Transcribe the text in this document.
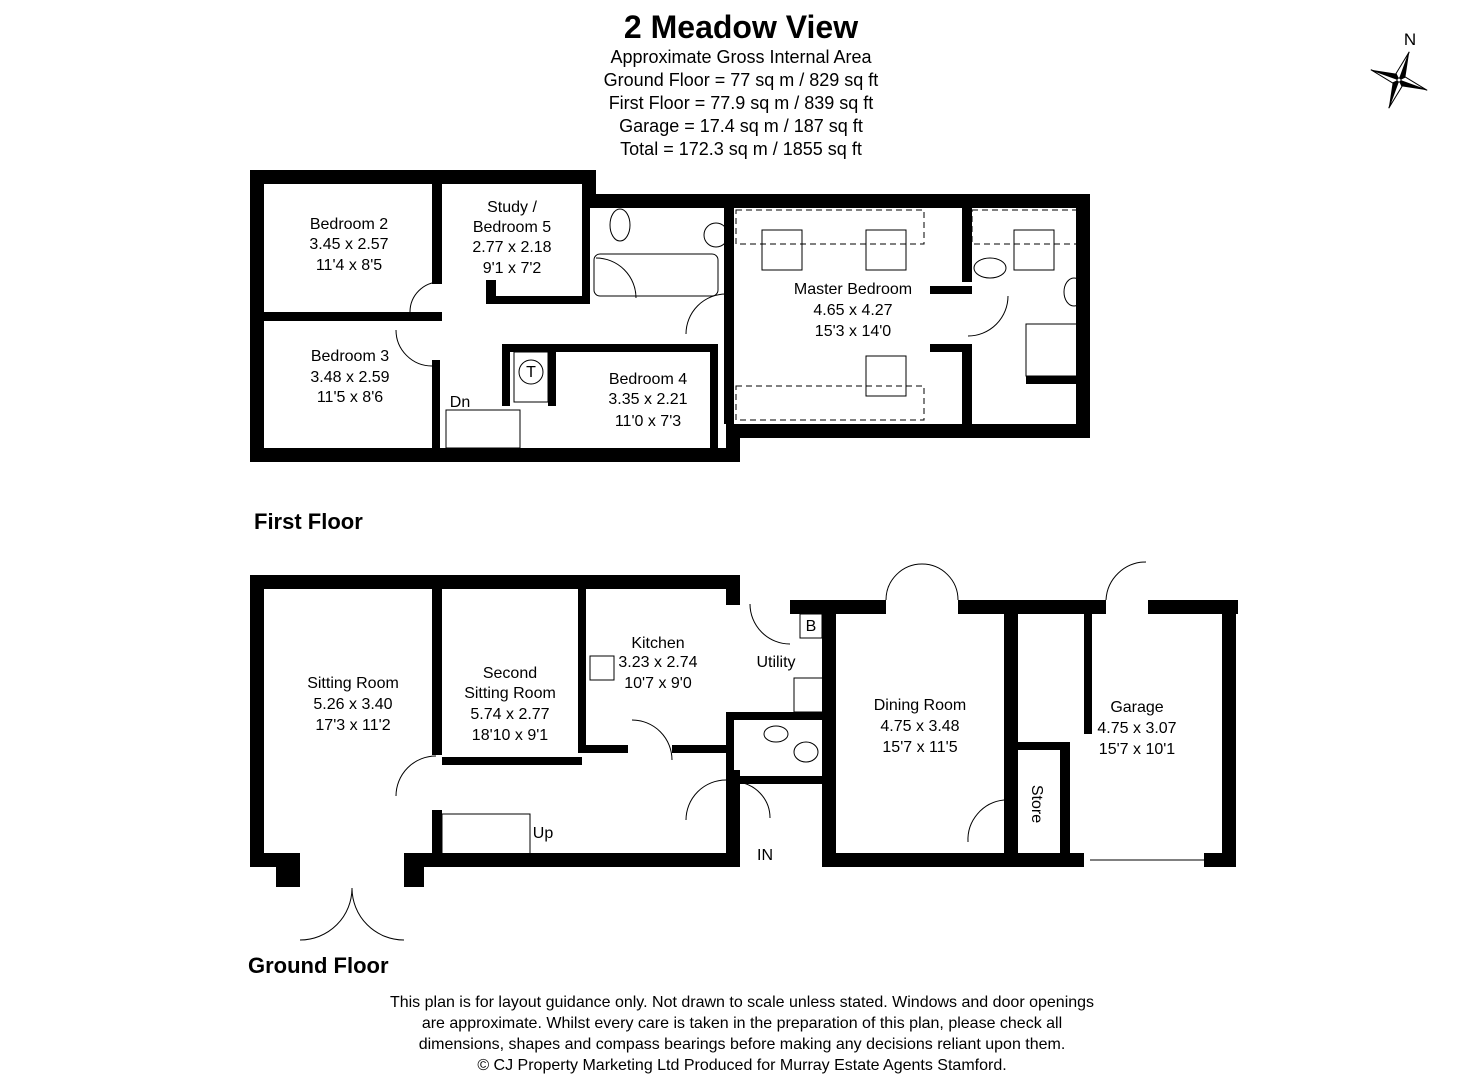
2 Meadow View
Approximate Gross Internal Area
Ground Floor = 77 sq m / 829 sq ft
First Floor = 77.9 sq m / 839 sq ft
Garage = 17.4 sq m / 187 sq ft
Total = 172.3 sq m / 1855 sq ft
N
Bedroom 2
3.45 x 2.57
11'4 x 8'5
Study /
Bedroom 5
2.77 x 2.18
9'1 x 7'2
Bedroom 3
3.48 x 2.59
11'5 x 8'6
Bedroom 4
3.35 x 2.21
11'0 x 7'3
Master Bedroom
4.65 x 4.27
15'3 x 14'0
T
Dn
Sitting Room
5.26 x 3.40
17'3 x 11'2
Second
Sitting Room
5.74 x 2.77
18'10 x 9'1
Kitchen
3.23 x 2.74
10'7 x 9'0
Utility
Dining Room
4.75 x 3.48
15'7 x 11'5
Garage
4.75 x 3.07
15'7 x 10'1
Store
B
Up
IN
First Floor
Ground Floor
This plan is for layout guidance only. Not drawn to scale unless stated. Windows and door openings
are approximate. Whilst every care is taken in the preparation of this plan, please check all
dimensions, shapes and compass bearings before making any decisions reliant upon them.
© CJ Property Marketing Ltd Produced for Murray Estate Agents Stamford.
